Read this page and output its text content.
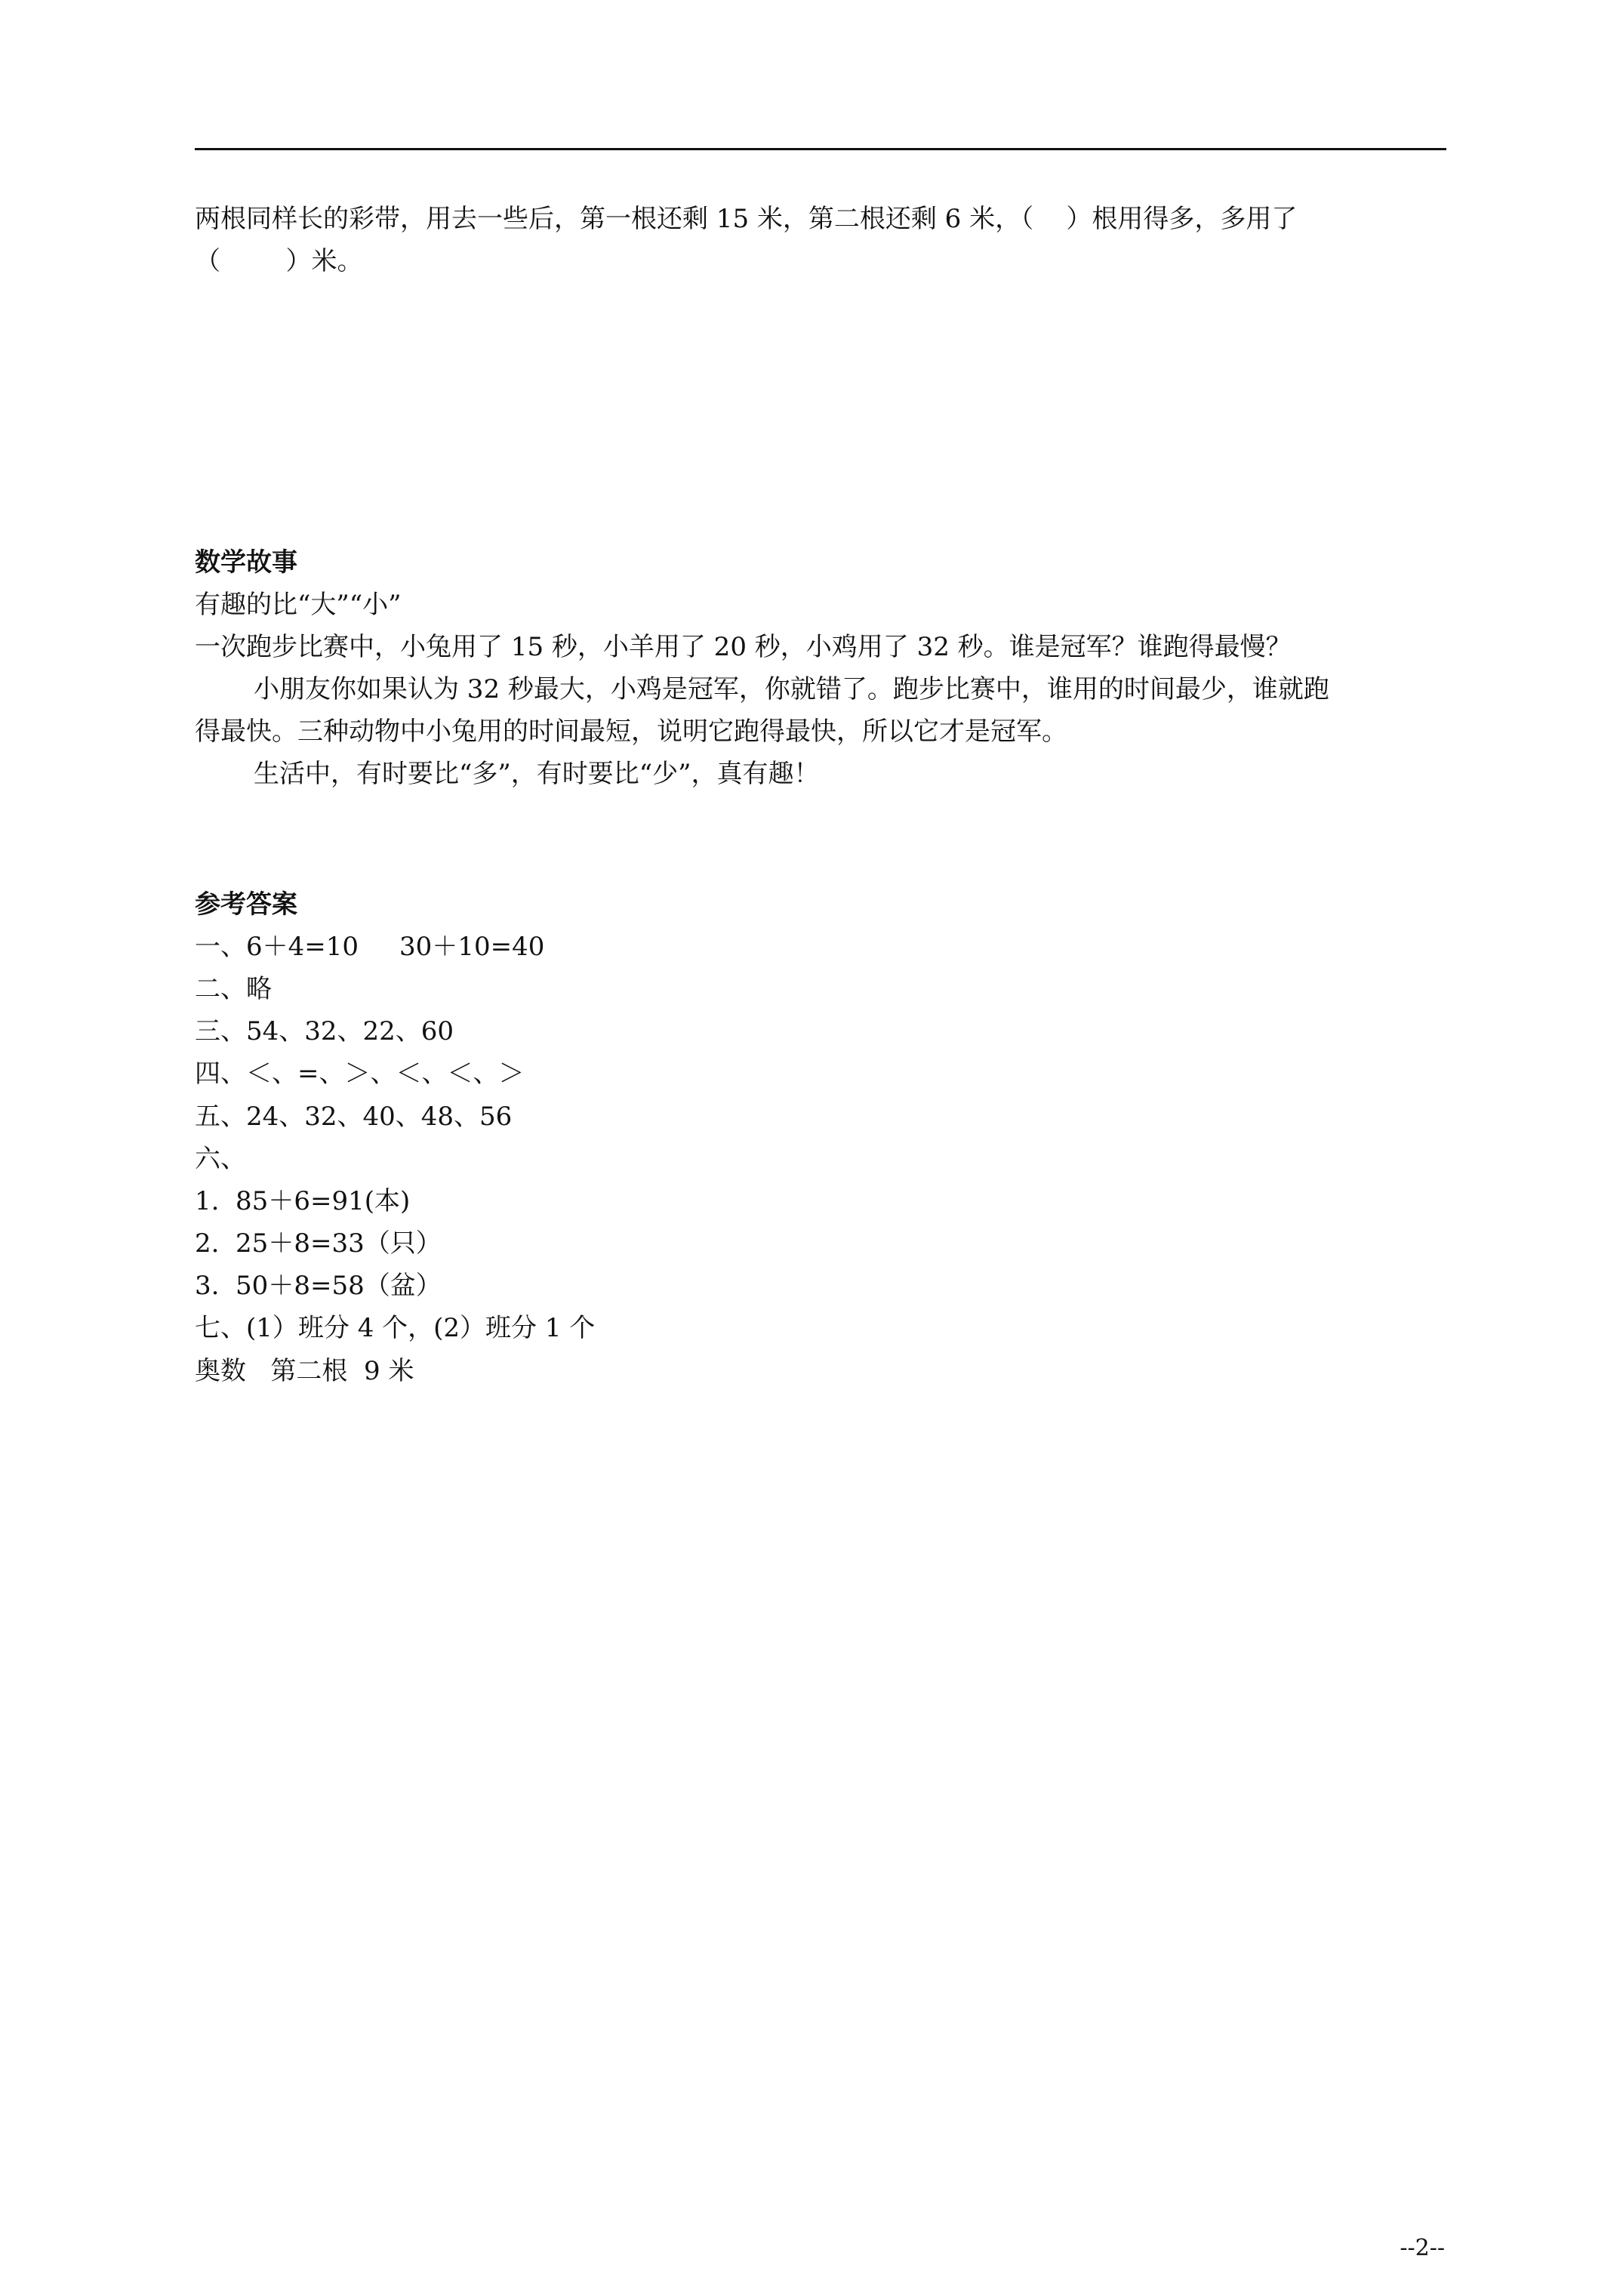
两根同样长的彩带，用去一些后，第一根还剩 15 米，第二根还剩 6 米，（    ）根用得多，多用了
（        ）米。
数学故事
有趣的比“大”“小”
一次跑步比赛中，小兔用了 15 秒，小羊用了 20 秒，小鸡用了 32 秒。谁是冠军？谁跑得最慢？
小朋友你如果认为 32 秒最大，小鸡是冠军，你就错了。跑步比赛中，谁用的时间最少，谁就跑
得最快。三种动物中小兔用的时间最短，说明它跑得最快，所以它才是冠军。
生活中，有时要比“多”，有时要比“少”，真有趣！
参考答案
一、6＋4=10     30＋10=40
二、略
三、54、32、22、60
四、＜、=、＞、＜、＜、＞
五、24、32、40、48、56
六、
1.  85＋6=91(本)
2.  25＋8=33（只）
3.  50＋8=58（盆）
七、(1）班分 4 个，(2）班分 1 个
奥数   第二根  9 米
--2--
